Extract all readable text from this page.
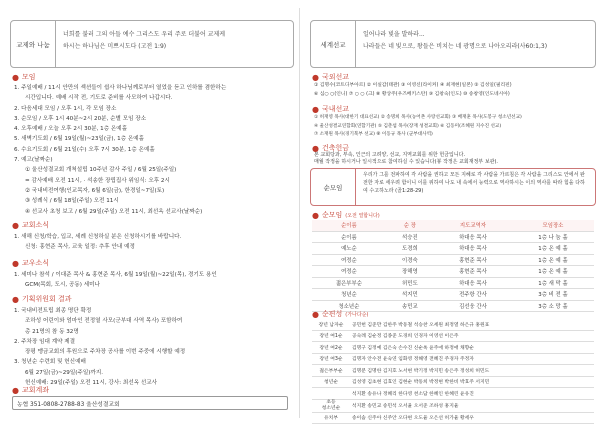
교제와 나눔
너희를 불러 그의 아들 예수 그리스도 우리 주로 더불어 교제케
하시는 하나님은 미쁘시도다 (고전 1:9)
● 모임
1. 주일예배 / 11시 안만의 섹션들이 쉽사 하나님께로부터 열었을 듣고 인하를 겸한하는
시간입니다. 예배 시작 전, 기도로 준비를 사모하여 나갑시다.
2. 다음세대 모임 / 오후 1시, 각 모임 장소
3. 순모임 / 오후 1시 40분~2시 20분, 순별 모임 장소
4. 오후예배 / 오늘 오후 2시 30분, 1층 온예홀
5. 새벽기도회 / 6월 19일(월)~23일(금), 1층 온예홀
6. 수요기도회 / 6월 21일(수) 오후 7시 30분, 1층 온예홀
7. 예고(날짜순)
① 울산성결교회 개척설립 10주년 감사 주일 / 6월 25일(주일)
= 감사예배 오전 11시, · 석송한 장립집사 위임식: 오후 2시
② 국내비전여행(인교목자, 6월 6일(금), 한경일~7일(토)
③ 성례식 / 6월 18일(주일) 오전 11시
④ 선교사 초청 보고 / 6월 29일(주일) 오전 11시, 최선옥 선교사(날짜순)
● 교회소식
1. 새해 신청/학습, 입교, 세례 신청하실 분은 신청하시기를 바랍니다.
신청: 홍현준 목사, 교육 일정: 추후 안내 예정
● 교우소식
1. 세미나 참석 / 이대준 목사 & 홍현준 목사, 6월 19일(월)~22일(목), 경기도 용인
GCM(목회, 도시, 공동) 세미나
● 기획위원회 결과
1. 국내비전트립 최종 명단 확정
조하성 어린이와 엄마인 전정열 사모(군부대 사역 목사) 포함하여
총 21명의 참 동 32명
2. 주차장 임대 계약 제결
장평 맹금교회의 후원으로 주차장 공사를 이번 주중에 시행할 예정
3. 청년순 수련회 및 헌신예배
6월 27일(금)~29일(주일)까지.
헌신예배: 29일(주일) 오전 11시, 강사: 최선옥 선교사
● 교회계좌
농협 351-0808-2788-83 울산성결교회
세계선교
일어나라 빛을 발하라...
나라들은 네 빛으로, 왕들은 비치는 네 광명으로 나아오리라(사60:1,3)
● 국외선교
① 김명수(코트디부아르) ② 이실감(태관) ③ 이영신(라이커) ④ 최재현(일본) ⑤ 김성일(필리핀)
⑥ 심○ ○(인니) ⑦ ○ ○ (크) ⑧ 황상주(우즈베키스탄) ⑨ 김창숙(인도) ⑩ 송창영(인도네시아)
● 국내선교
① 허재영 목사(대한기 대표선교) ② 송명희 목사(농어촌 사랑선교회) ③ 배재훈 목사(도봉구 청소년선교)
④ 울산성결교연합회(연합기관) ⑤ 김춘섭 목사(장재 성결교회) ⑥ 김동미(조혜원 지수진 선교)
⑦ 소재원 목사(경기북부 선교) ⑧ 이동규 목사 (군부대사역)
● 건축헌금
본 교회당과, 부속, 인근의 고려양, 선교, 지역교회를 위한 헌금입니다.
매월 작정을 하시거나 일시적으로 참여하실 수 있습니다(봉 작정은 교회재정부 보관).
순모임
우리가 그를 전파하여 각 사람을 권하고 모든 지혜로 각 사람을 가르침은 각 사람을 그리스도 안에서 완전한 자로 세우려 함이니 이를 위하여 나도 내 속에서 능력으로 역사하시는 이의 역사를 따라 힘을 다하여 수고하노라 (골1:28-29)
● 순모임 (오전 열합니다)
순이름	순 장	지도교역자	모임장소
순이름	석승진	하대응 목사	1층 나 눔 홀
예노순	도경희	하대응 목사	1층 온 예 홀
여정순	이경숙	홍현준 목사	1층 온 예 홀
여정순	장해영	홍현준 목사	1층 온 예 홀
젊은부부순	허민도	하대응 목사	1층 새 막 홀
청년순	석지민	전주항 간사	3층 비 전 홀
청소년순	송민교	김선웅 간사	3층 소 망 홀
● 순편성 (가나다순)
장년 남자순	공민헌 김준만 김한주 박동철 석승찬 오세원 최정열 하은규 홍원표
장년 여1순	공숙례 김순정 김종준 도경희 인경자 이영선 이은주
장년 여2순	김명구 김정예 김은숙 손수진 신순옥 윤주애 하정애 채향순
장년 여3순	김명자 안수전 윤숙연 임화영 정해영 전혜진 주경자 주정자
젊은부부순	김명분 김명한 김지호 노서현 박기정 박지민 송은주 정성희 허민도
청년순	김성영 김초현 김효인 김현순 박동희 박정현 박한비 박효주 서지민
	석지환 송유나 정혜리 한다영 천소담 한혜인 한혜린 윤유진
초등
청소년순	석지환 송민교 송민석 오서율 오서준 조하성 홍지율
유치부	송이솜 신주아 신주안 오다현 오도율 오은선 허가율 황세우
